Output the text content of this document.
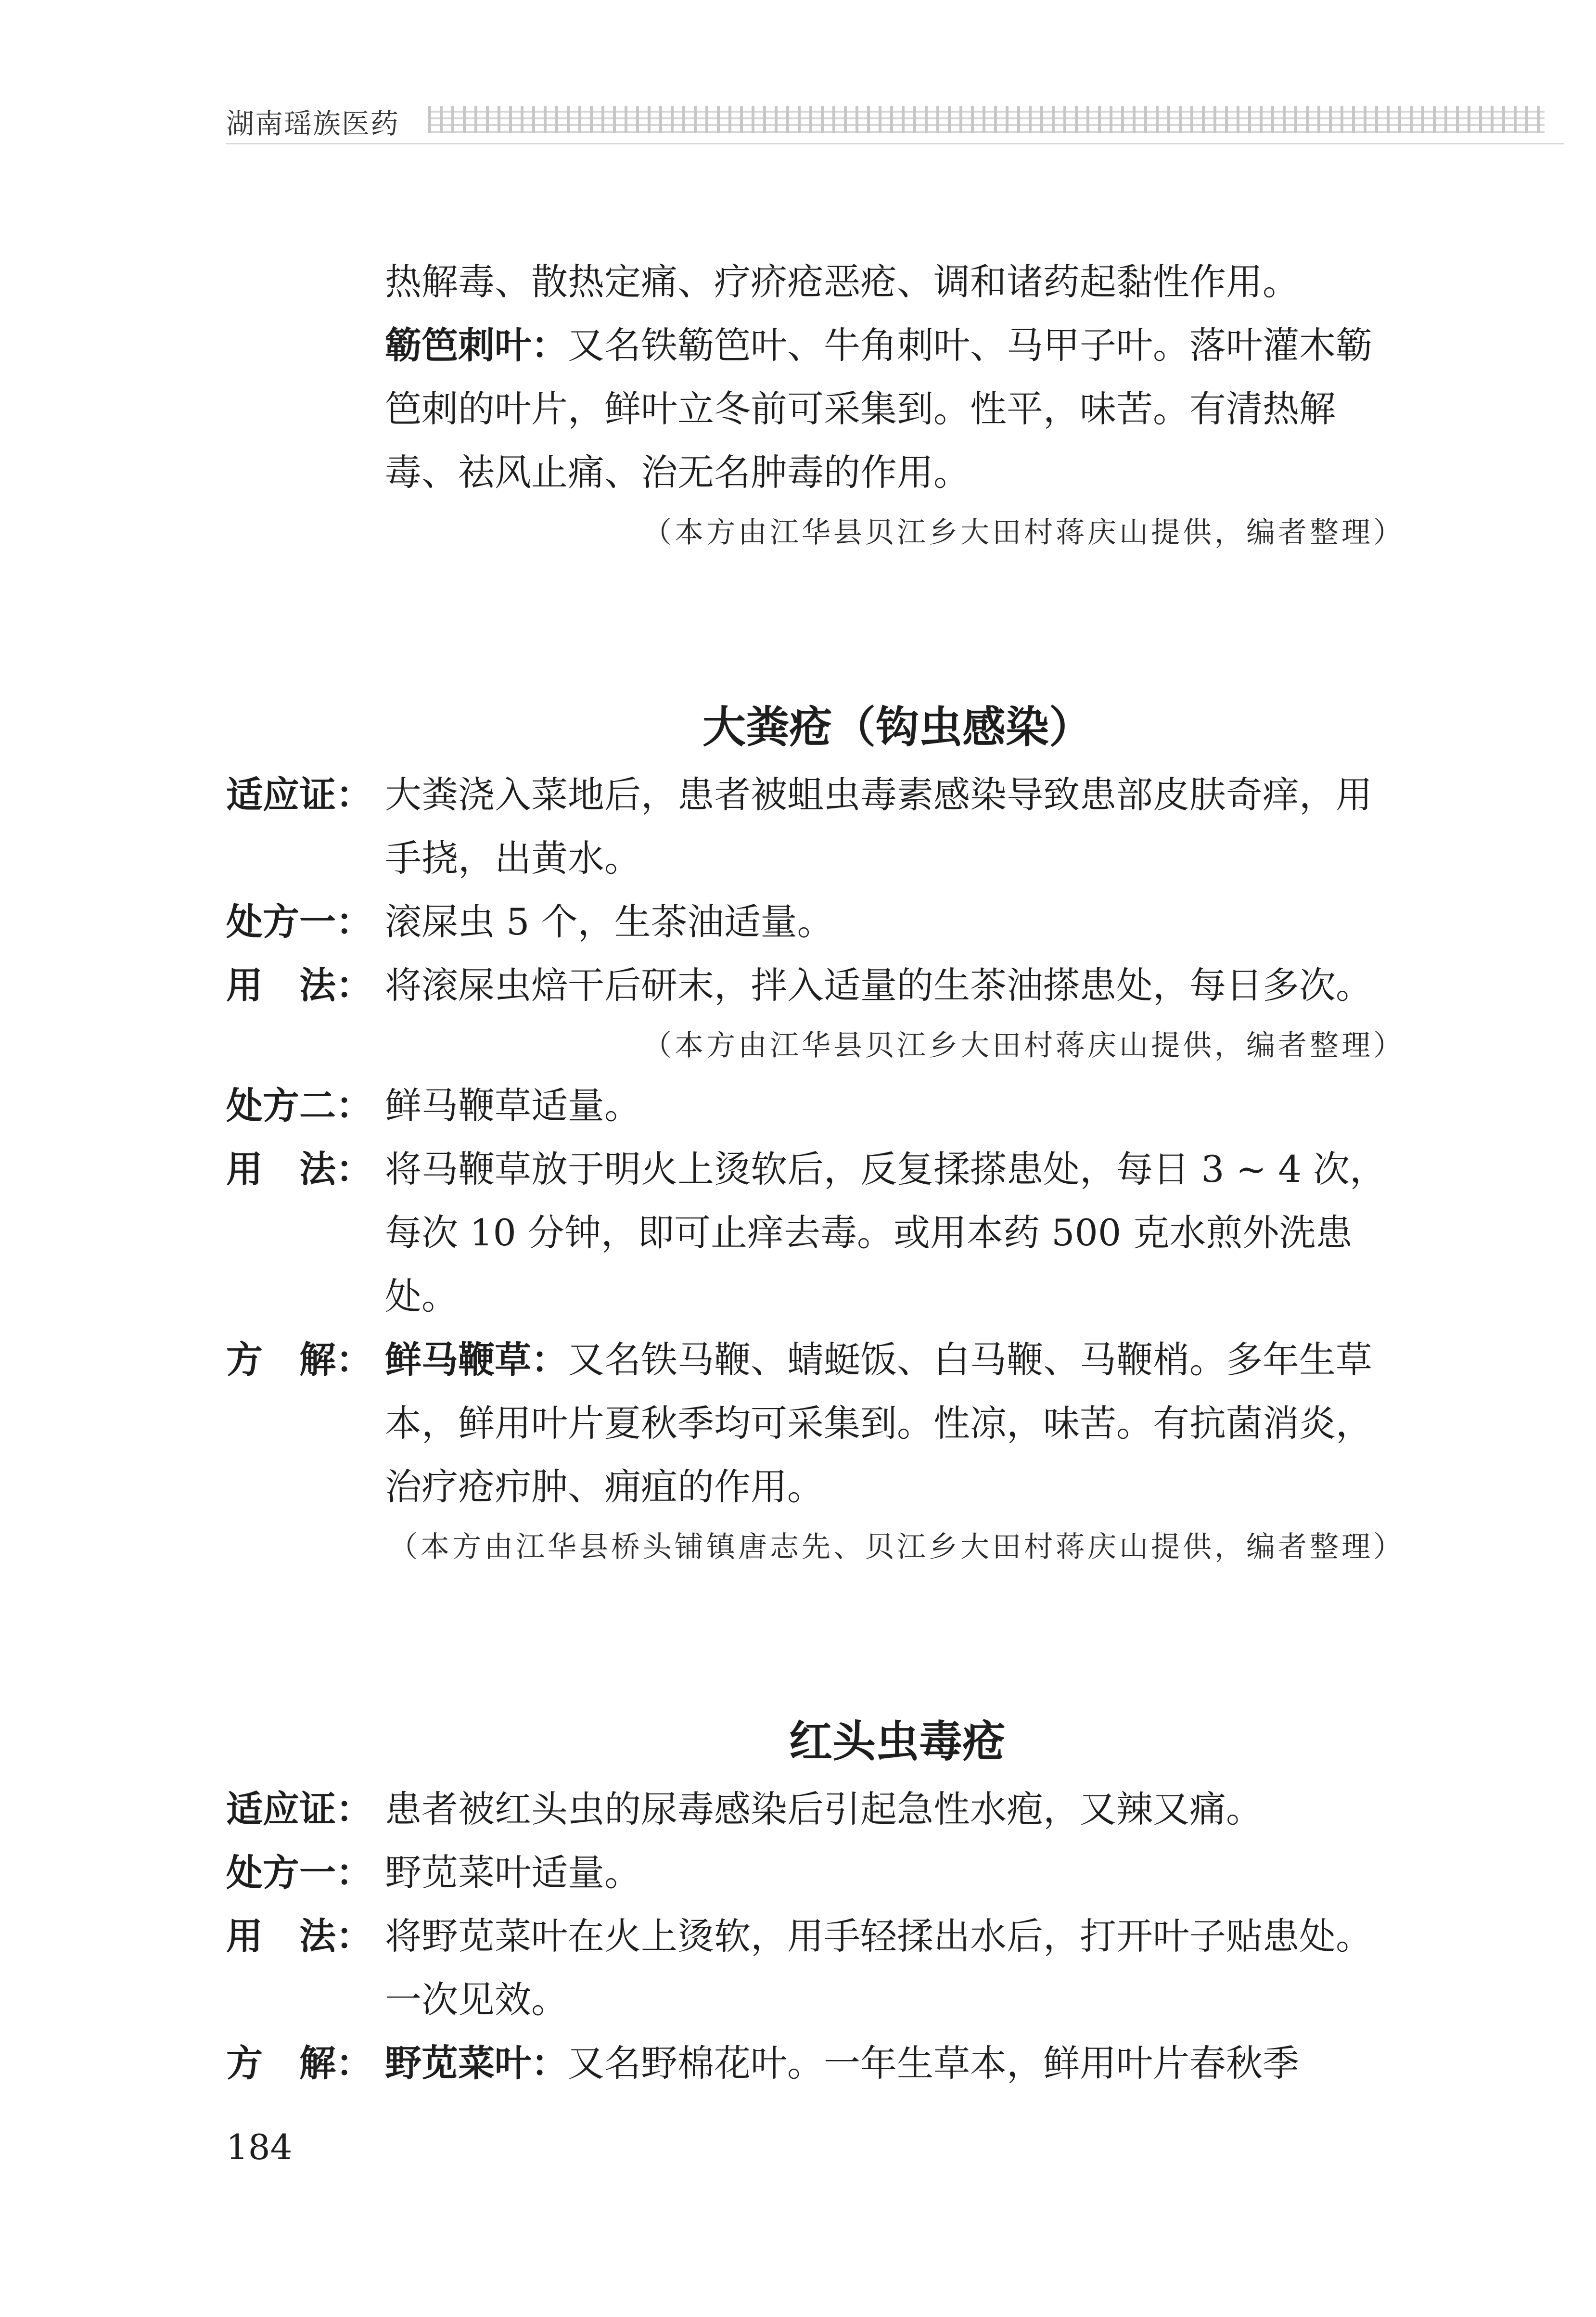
湖南瑶族医药

热解毒、散热定痛、疗疥疮恶疮、调和诸药起黏性作用。

簕笆刺叶：又名铁簕笆叶、牛角刺叶、马甲子叶。落叶灌木簕笆刺的叶片，鲜叶立冬前可采集到。性平，味苦。有清热解毒、祛风止痛、治无名肿毒的作用。

（本方由江华县贝江乡大田村蒋庆山提供，编者整理）

大粪疮（钩虫感染）

适应证： 大粪浇入菜地后，患者被蛆虫毒素感染导致患部皮肤奇痒，用手挠，出黄水。
处方一： 滚屎虫 5 个，生茶油适量。
用　法： 将滚屎虫焙干后研末，拌入适量的生茶油搽患处，每日多次。

（本方由江华县贝江乡大田村蒋庆山提供，编者整理）

处方二： 鲜马鞭草适量。
用　法： 将马鞭草放于明火上烫软后，反复揉搽患处，每日 3 ~ 4 次，每次 10 分钟，即可止痒去毒。或用本药 500 克水煎外洗患处。
方　解： 鲜马鞭草：又名铁马鞭、蜻蜓饭、白马鞭、马鞭梢。多年生草本，鲜用叶片夏秋季均可采集到。性凉，味苦。有抗菌消炎，治疗疮疖肿、痈疽的作用。

（本方由江华县桥头铺镇唐志先、贝江乡大田村蒋庆山提供，编者整理）

红头虫毒疮

适应证： 患者被红头虫的尿毒感染后引起急性水疱，又辣又痛。
处方一： 野苋菜叶适量。
用　法： 将野苋菜叶在火上烫软，用手轻揉出水后，打开叶子贴患处。一次见效。
方　解： 野苋菜叶：又名野棉花叶。一年生草本，鲜用叶片春秋季
184
